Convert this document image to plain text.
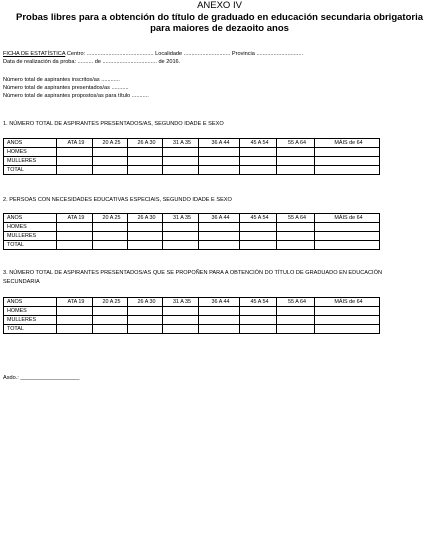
ANEXO IV
Probas libres para a obtención do título de graduado en educación secundaria obrigatoria
para maiores de dezaoito anos
FICHA DE ESTATÍSTICA Centro: ........................................... Localidade .............................. Provincia ..............................
Data de realización da proba: .......... de ................................... de 2016.
Número total de aspirantes inscritos/as ............
Número total de aspirantes presentados/as ...........
Número total de aspirantes propostos/as para título ...........
1. NÚMERO TOTAL DE ASPIRANTES PRESENTADOS/AS, SEGUNDO IDADE E SEXO
ANOS	ATA 19	20 A 25	26 A 30	31 A 35	36 A 44	45 A 54	55 A 64	MÁIS de 64
HOMES								
MULLERES								
TOTAL								
2. PERSOAS CON NECESIDADES EDUCATIVAS ESPECIAIS, SEGUNDO IDADE E SEXO
ANOS	ATA 19	20 A 25	26 A 30	31 A 35	36 A 44	45 A 54	55 A 64	MÁIS de 64
HOMES								
MULLERES								
TOTAL								
3. NÚMERO TOTAL DE ASPIRANTES PRESENTADOS/AS QUE SE PROPOÑEN PARA A OBTENCIÓN DO TÍTULO DE GRADUADO EN EDUCACIÓN
SECUNDARIA
ANOS	ATA 19	20 A 25	26 A 30	31 A 35	36 A 44	45 A 54	55 A 64	MÁIS de 64
HOMES								
MULLERES								
TOTAL								
Asdo.: ___________________
